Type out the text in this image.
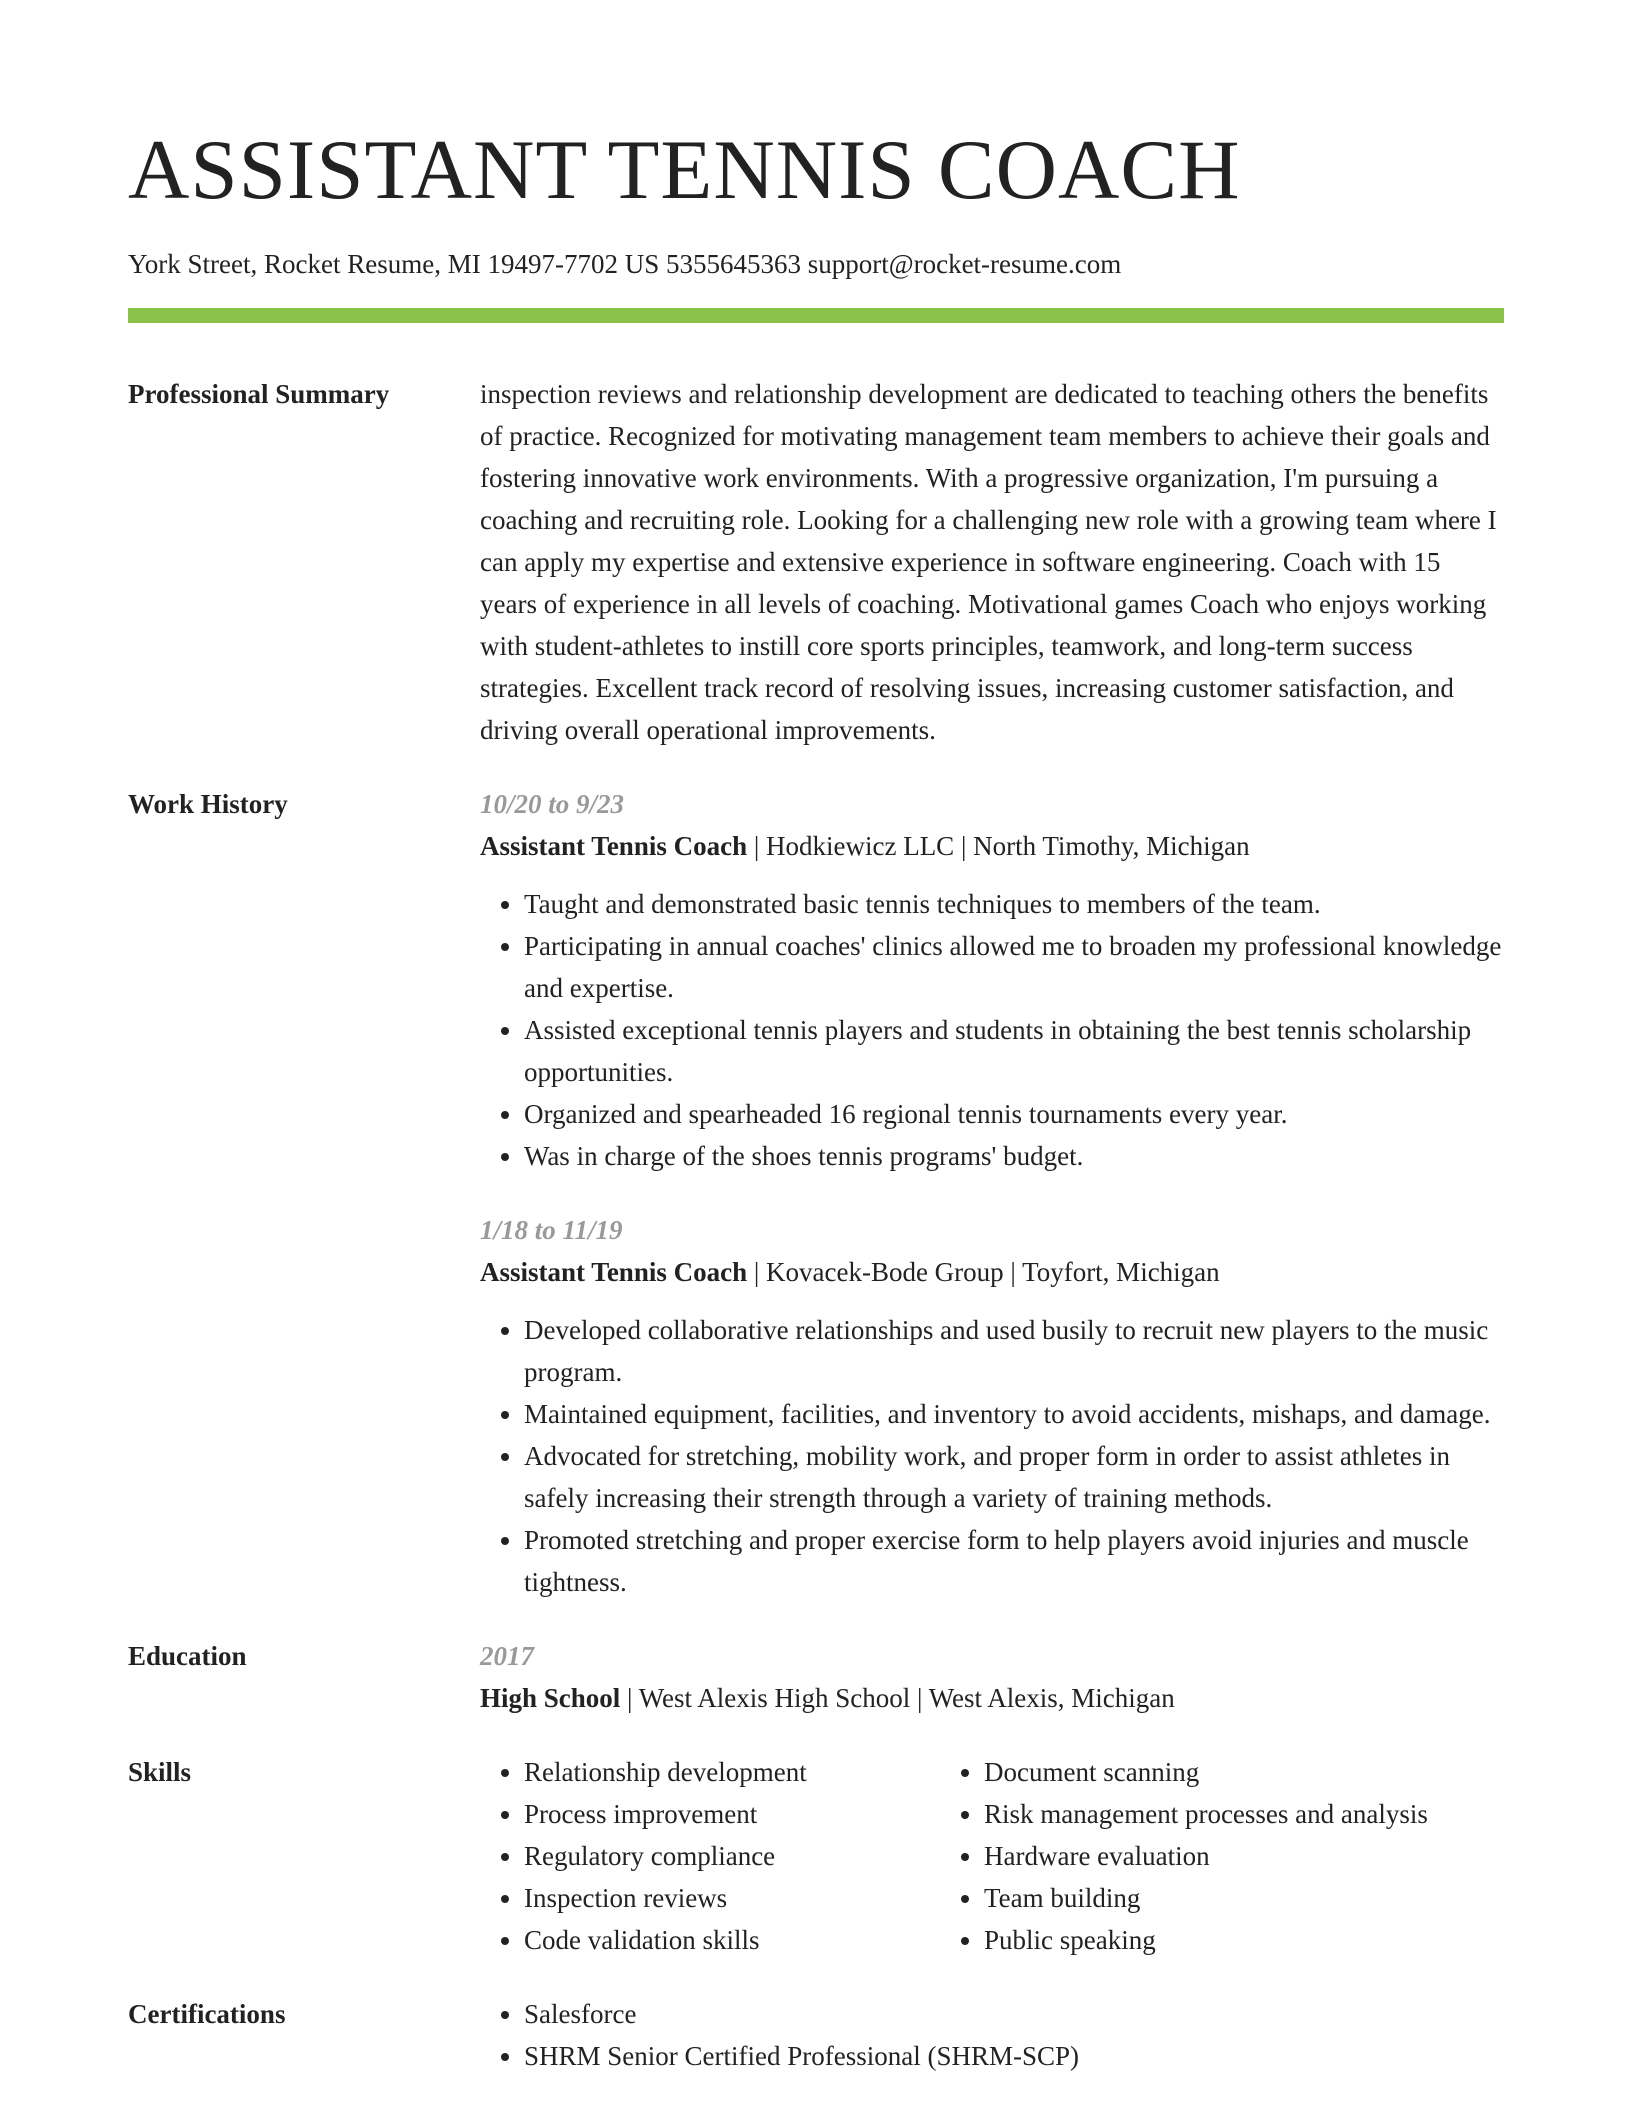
ASSISTANT TENNIS COACH
York Street, Rocket Resume, MI 19497-7702 US 5355645363 support@rocket-resume.com
Professional Summary	inspection reviews and relationship development are dedicated to teaching others the benefits of practice. Recognized for motivating management team members to achieve their goals and fostering innovative work environments. With a progressive organization, I'm pursuing a coaching and recruiting role. Looking for a challenging new role with a growing team where I can apply my expertise and extensive experience in software engineering. Coach with 15 years of experience in all levels of coaching. Motivational games Coach who enjoys working with student-athletes to instill core sports principles, teamwork, and long-term success strategies. Excellent track record of resolving issues, increasing customer satisfaction, and driving overall operational improvements.

Work History	10/20 to 9/23
Assistant Tennis Coach | Hodkiewicz LLC | North Timothy, Michigan
• Taught and demonstrated basic tennis techniques to members of the team.
• Participating in annual coaches' clinics allowed me to broaden my professional knowledge and expertise.
• Assisted exceptional tennis players and students in obtaining the best tennis scholarship opportunities.
• Organized and spearheaded 16 regional tennis tournaments every year.
• Was in charge of the shoes tennis programs' budget.
1/18 to 11/19
Assistant Tennis Coach | Kovacek-Bode Group | Toyfort, Michigan
• Developed collaborative relationships and used busily to recruit new players to the music program.
• Maintained equipment, facilities, and inventory to avoid accidents, mishaps, and damage.
• Advocated for stretching, mobility work, and proper form in order to assist athletes in safely increasing their strength through a variety of training methods.
• Promoted stretching and proper exercise form to help players avoid injuries and muscle tightness.
Education	2017
High School | West Alexis High School | West Alexis, Michigan
Skills	• Relationship development
• Process improvement
• Regulatory compliance
• Inspection reviews
• Code validation skills
• Document scanning
• Risk management processes and analysis
• Hardware evaluation
• Team building
• Public speaking
Certifications	• Salesforce
• SHRM Senior Certified Professional (SHRM-SCP)
